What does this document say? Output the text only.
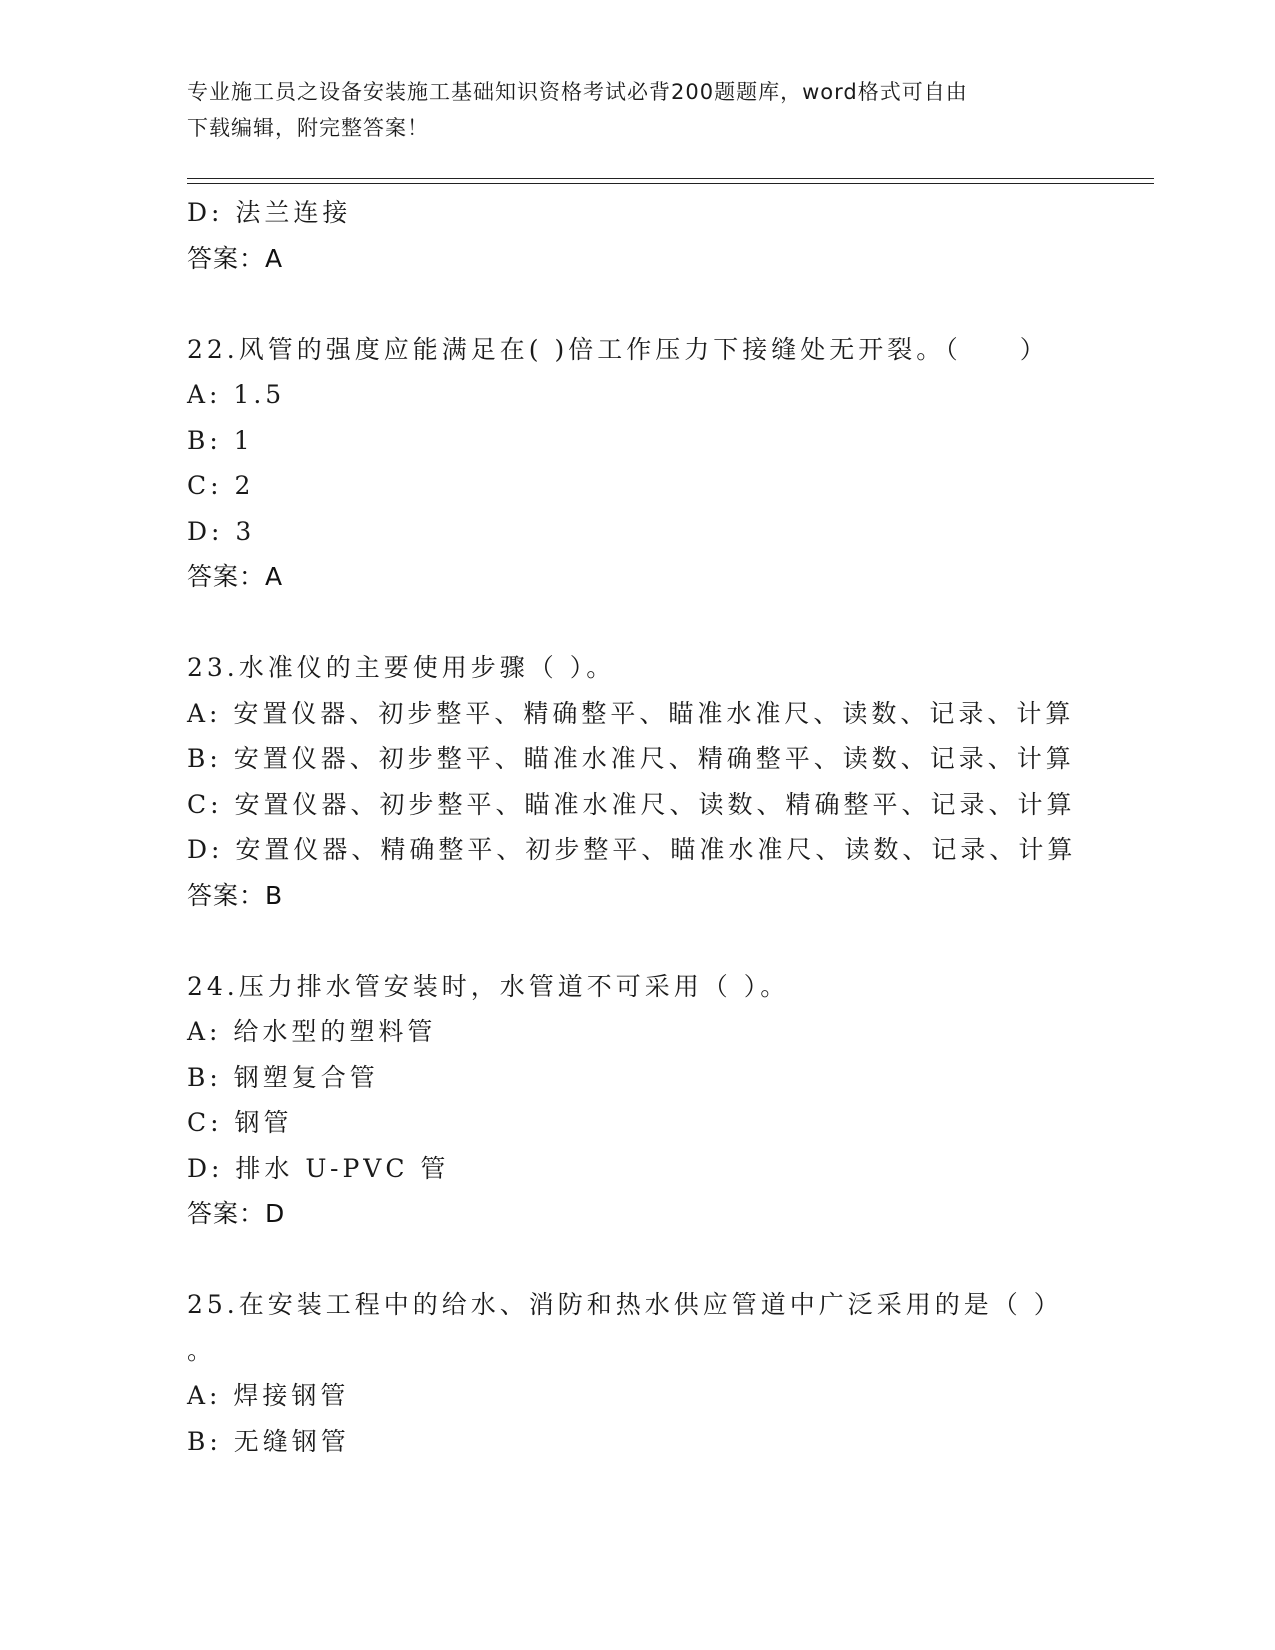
专业施工员之设备安装施工基础知识资格考试必背200题题库，word格式可自由
下载编辑，附完整答案！
D: 法兰连接
答案：A
22.风管的强度应能满足在( )倍工作压力下接缝处无开裂。（　　）
A: 1.5
B: 1
C: 2
D: 3
答案：A
23.水准仪的主要使用步骤（ ）。
A: 安置仪器、初步整平、精确整平、瞄准水准尺、读数、记录、计算
B: 安置仪器、初步整平、瞄准水准尺、精确整平、读数、记录、计算
C: 安置仪器、初步整平、瞄准水准尺、读数、精确整平、记录、计算
D: 安置仪器、精确整平、初步整平、瞄准水准尺、读数、记录、计算
答案：B
24.压力排水管安装时，水管道不可采用（ ）。
A: 给水型的塑料管
B: 钢塑复合管
C: 钢管
D: 排水 U-PVC 管
答案：D
25.在安装工程中的给水、消防和热水供应管道中广泛采用的是（ ）
。
A: 焊接钢管
B: 无缝钢管
